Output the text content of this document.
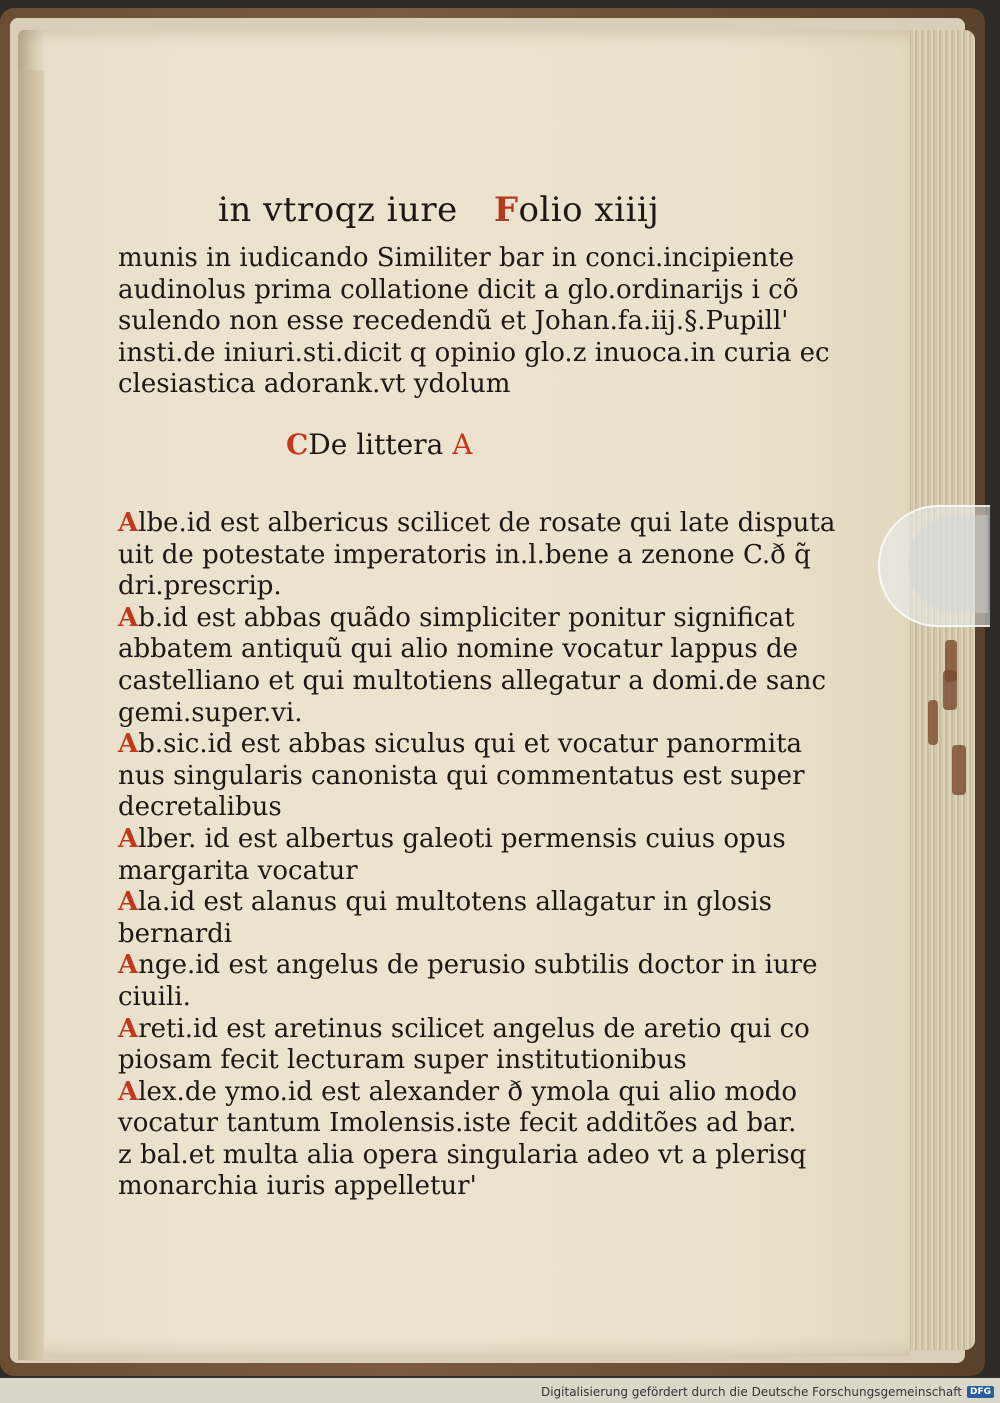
in vtroqz iure Folio xiiij
munis in iudicando Similiter bar in conci.incipiente
audinolus prima collatione dicit a glo.ordinarijs i cõ
sulendo non esse recedendũ et Johan.fa.iij.§.Pupill'
insti.de iniuri.sti.dicit q opinio glo.z inuoca.in curia ec
clesiastica adorank.vt ydolum
CDe littera A
Albe.id est albericus scilicet de rosate qui late disputa
uit de potestate imperatoris in.l.bene a zenone C.ð q̃
dri.prescrip.
Ab.id est abbas quãdo simpliciter ponitur significat
abbatem antiquũ qui alio nomine vocatur lappus de
castelliano et qui multotiens allegatur a domi.de sanc
gemi.super.vi.
Ab.sic.id est abbas siculus qui et vocatur panormita
nus singularis canonista qui commentatus est super
decretalibus
Alber. id est albertus galeoti permensis cuius opus
margarita vocatur
Ala.id est alanus qui multotens allagatur in glosis
bernardi
Ange.id est angelus de perusio subtilis doctor in iure
ciuili.
Areti.id est aretinus scilicet angelus de aretio qui co
piosam fecit lecturam super institutionibus
Alex.de ymo.id est alexander ð ymola qui alio modo
vocatur tantum Imolensis.iste fecit additões ad bar.
z bal.et multa alia opera singularia adeo vt a plerisq
monarchia iuris appelletur'
Digitalisierung gefördert durch die Deutsche Forschungsgemeinschaft DFG
